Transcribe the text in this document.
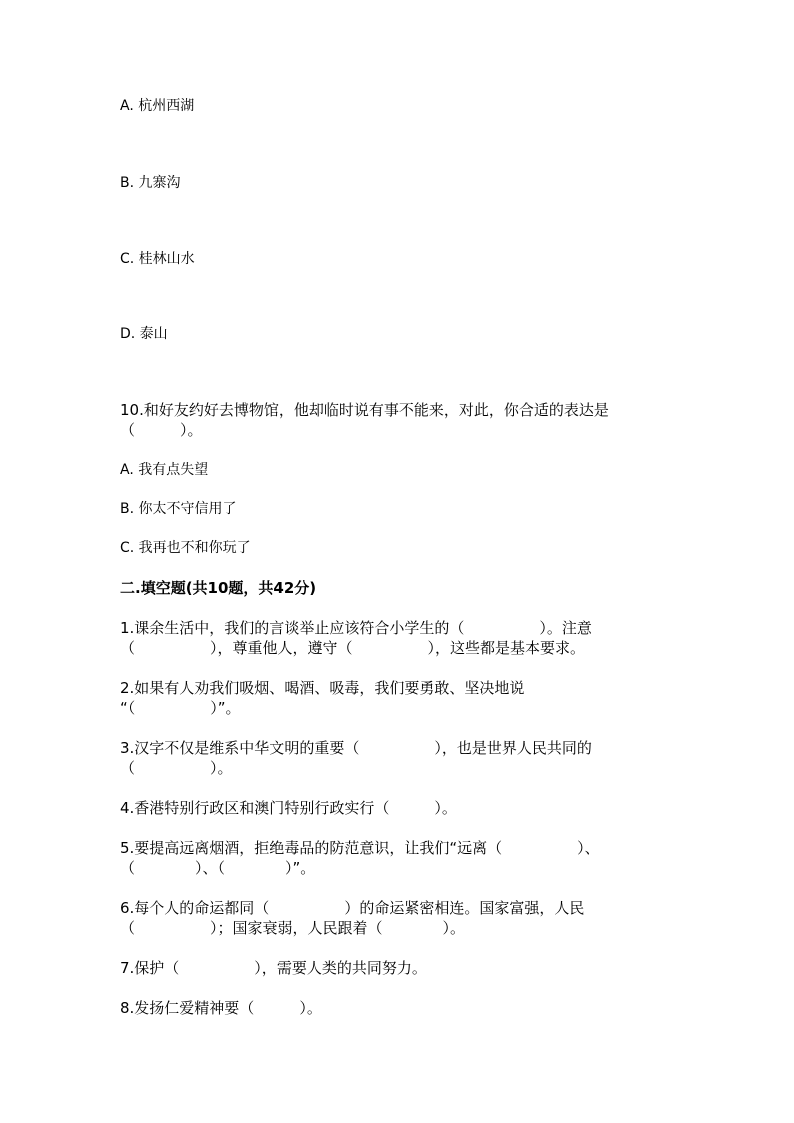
A. 杭州西湖
B. 九寨沟
C. 桂林山水
D. 泰山
10.和好友约好去博物馆，他却临时说有事不能来，对此，你合适的表达是
（　　　）。
A. 我有点失望
B. 你太不守信用了
C. 我再也不和你玩了
二.填空题(共10题，共42分)
1.课余生活中，我们的言谈举止应该符合小学生的（　　　　　）。注意
（　　　　　），尊重他人，遵守（　　　　　），这些都是基本要求。
2.如果有人劝我们吸烟、喝酒、吸毒，我们要勇敢、坚决地说
“（　　　　　）”。
3.汉字不仅是维系中华文明的重要（　　　　　），也是世界人民共同的
（　　　　　）。
4.香港特别行政区和澳门特别行政实行（　　　）。
5.要提高远离烟酒，拒绝毒品的防范意识，让我们“远离（　　　　　）、
（　　　　）、（　　　　）”。
6.每个人的命运都同（　　　　　）的命运紧密相连。国家富强，人民
（　　　　　）；国家衰弱，人民跟着（　　　　）。
7.保护（　　　　　），需要人类的共同努力。
8.发扬仁爱精神要（　　　）。
